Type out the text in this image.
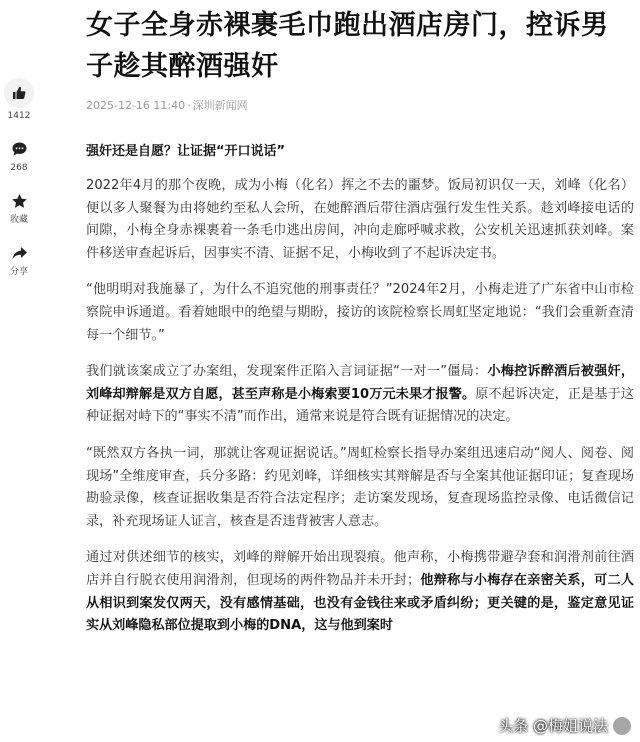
1412
268
收藏
分享
女子全身赤裸裹毛巾跑出酒店房门，控诉男子趁其醉酒强奸
2025-12-16 11:40 · 深圳新闻网
强奸还是自愿？让证据“开口说话”

2022年4月的那个夜晚，成为小梅（化名）挥之不去的噩梦。饭局初识仅一天，刘峰（化名）便以多人聚餐为由将她约至私人会所，在她醉酒后带往酒店强行发生性关系。趁刘峰接电话的间隙，小梅全身赤裸裹着一条毛巾逃出房间，冲向走廊呼喊求救，公安机关迅速抓获刘峰。案件移送审查起诉后，因事实不清、证据不足，小梅收到了不起诉决定书。

“他明明对我施暴了，为什么不追究他的刑事责任？”2024年2月，小梅走进了广东省中山市检察院申诉通道。看着她眼中的绝望与期盼，接访的该院检察长周虹坚定地说：“我们会重新查清每一个细节。”

我们就该案成立了办案组，发现案件正陷入言词证据“一对一”僵局：小梅控诉醉酒后被强奸，刘峰却辩解是双方自愿，甚至声称是小梅索要10万元未果才报警。原不起诉决定，正是基于这种证据对峙下的“事实不清”而作出，通常来说是符合既有证据情况的决定。

“既然双方各执一词，那就让客观证据说话。”周虹检察长指导办案组迅速启动“阅人、阅卷、阅现场”全维度审查，兵分多路：约见刘峰，详细核实其辩解是否与全案其他证据印证；复查现场勘验录像，核查证据收集是否符合法定程序；走访案发现场，复查现场监控录像、电话微信记录，补充现场证人证言，核查是否违背被害人意志。

通过对供述细节的核实，刘峰的辩解开始出现裂痕。他声称，小梅携带避孕套和润滑剂前往酒店并自行脱衣使用润滑剂，但现场的两件物品并未开封；他辩称与小梅存在亲密关系，可二人从相识到案发仅两天，没有感情基础，也没有金钱往来或矛盾纠纷；更关键的是，鉴定意见证实从刘峰隐私部位提取到小梅的DNA，这与他到案时

头条 @梅姐说法
